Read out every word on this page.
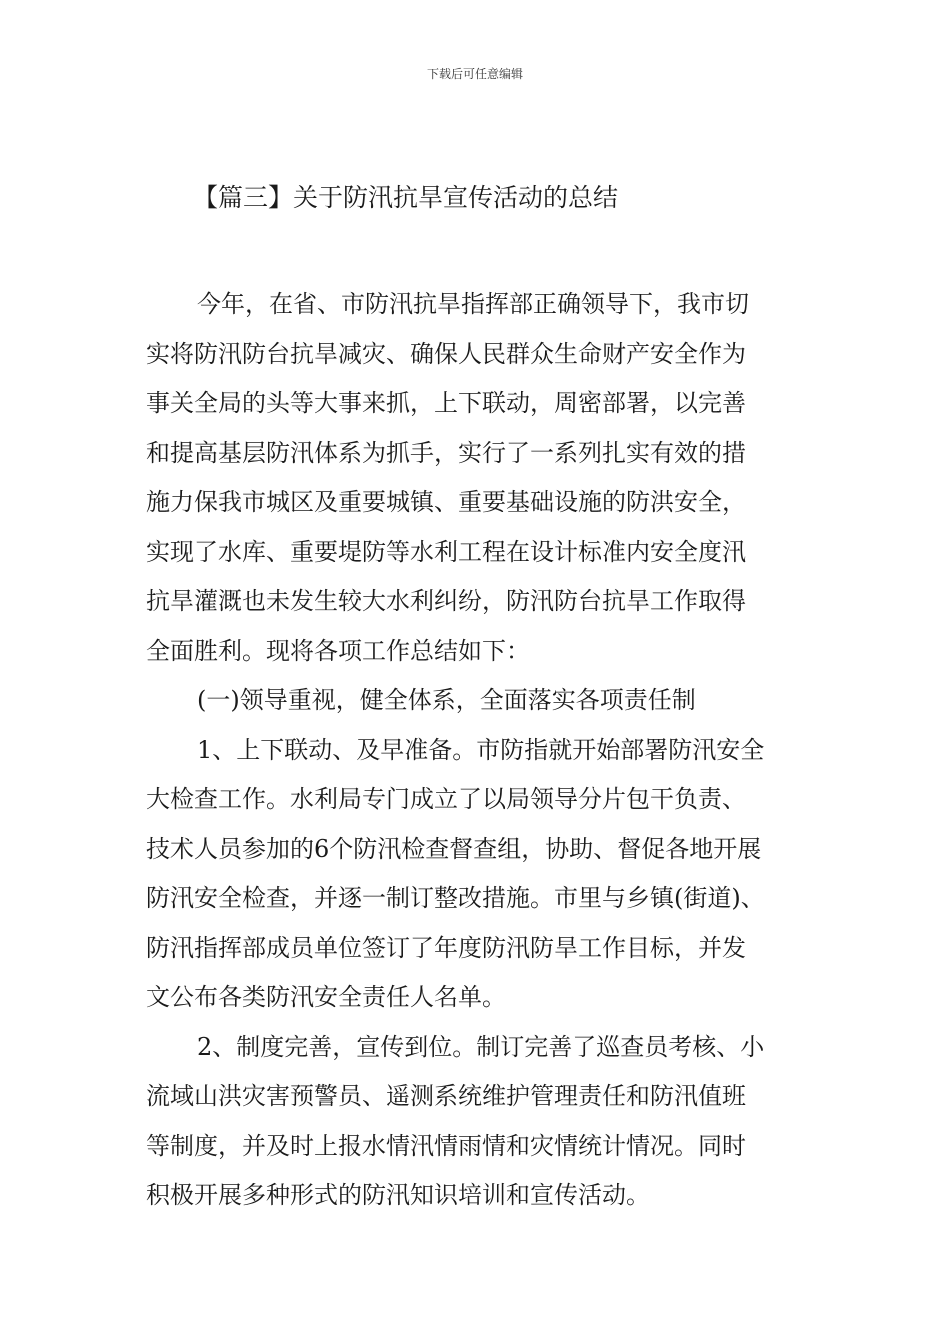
下载后可任意编辑
【篇三】关于防汛抗旱宣传活动的总结
今年，在省、市防汛抗旱指挥部正确领导下，我市切
实将防汛防台抗旱减灾、确保人民群众生命财产安全作为
事关全局的头等大事来抓，上下联动，周密部署，以完善
和提高基层防汛体系为抓手，实行了一系列扎实有效的措
施力保我市城区及重要城镇、重要基础设施的防洪安全，
实现了水库、重要堤防等水利工程在设计标准内安全度汛
抗旱灌溉也未发生较大水利纠纷，防汛防台抗旱工作取得
全面胜利。现将各项工作总结如下：
(一)领导重视，健全体系，全面落实各项责任制
1、上下联动、及早准备。市防指就开始部署防汛安全
大检查工作。水利局专门成立了以局领导分片包干负责、
技术人员参加的6个防汛检查督查组，协助、督促各地开展
防汛安全检查，并逐一制订整改措施。市里与乡镇(街道)、
防汛指挥部成员单位签订了年度防汛防旱工作目标，并发
文公布各类防汛安全责任人名单。
2、制度完善，宣传到位。制订完善了巡查员考核、小
流域山洪灾害预警员、遥测系统维护管理责任和防汛值班
等制度，并及时上报水情汛情雨情和灾情统计情况。同时
积极开展多种形式的防汛知识培训和宣传活动。
